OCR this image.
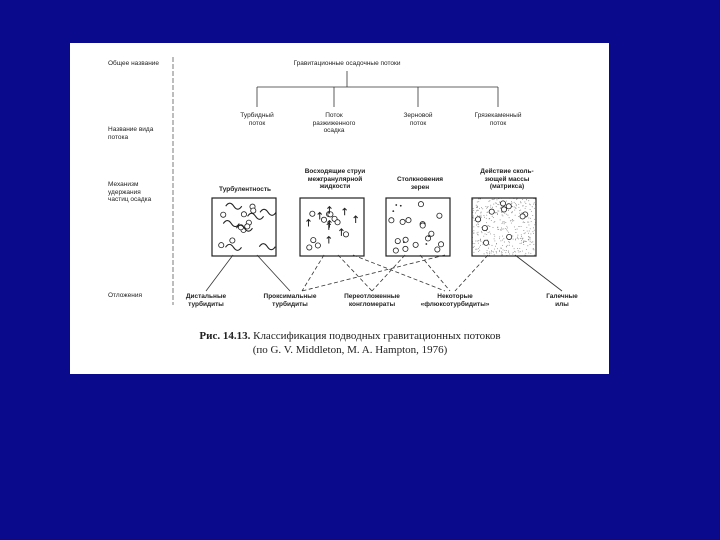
Общее название
Название вида
потока
Механизм
удержания
частиц осадка
Отложения
Гравитационные осадочные потоки
Турбидный
поток
Поток
разжиженного
осадка
Зерновой
поток
Грязекаменный
поток
Турбулентность
Восходящие струи
межгранулярной
жидкости
Столкновения
зерен
Действие сколь-
зющей массы
(матрикса)
Дистальные
турбидиты
Проксимальные
турбидиты
Переотложенные
конгломераты
Некоторые
«флюксотурбидиты»
Галечные
илы
Рис. 14.13. Классификация подводных гравитационных потоков
(по G. V. Middleton, M. A. Hampton, 1976)
